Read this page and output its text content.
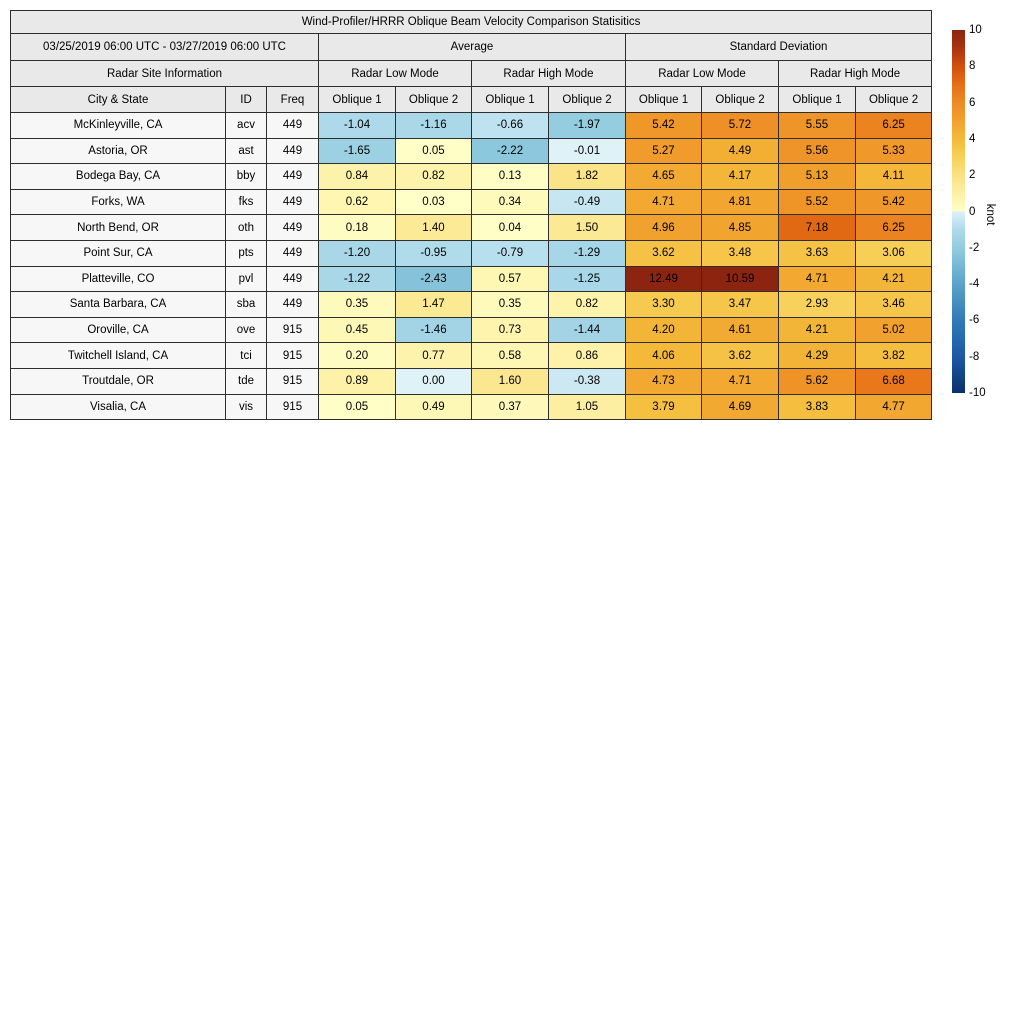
Wind-Profiler/HRRR Oblique Beam Velocity Comparison Statisitics										
03/25/2019 06:00 UTC - 03/27/2019 06:00 UTC			Average				Standard Deviation			
Radar Site Information			Radar Low Mode		Radar High Mode		Radar Low Mode		Radar High Mode	
City & State	ID	Freq	Oblique 1	Oblique 2	Oblique 1	Oblique 2	Oblique 1	Oblique 2	Oblique 1	Oblique 2
McKinleyville, CA	acv	449	-1.04	-1.16	-0.66	-1.97	5.42	5.72	5.55	6.25
Astoria, OR	ast	449	-1.65	0.05	-2.22	-0.01	5.27	4.49	5.56	5.33
Bodega Bay, CA	bby	449	0.84	0.82	0.13	1.82	4.65	4.17	5.13	4.11
Forks, WA	fks	449	0.62	0.03	0.34	-0.49	4.71	4.81	5.52	5.42
North Bend, OR	oth	449	0.18	1.40	0.04	1.50	4.96	4.85	7.18	6.25
Point Sur, CA	pts	449	-1.20	-0.95	-0.79	-1.29	3.62	3.48	3.63	3.06
Platteville, CO	pvl	449	-1.22	-2.43	0.57	-1.25	12.49	10.59	4.71	4.21
Santa Barbara, CA	sba	449	0.35	1.47	0.35	0.82	3.30	3.47	2.93	3.46
Oroville, CA	ove	915	0.45	-1.46	0.73	-1.44	4.20	4.61	4.21	5.02
Twitchell Island, CA	tci	915	0.20	0.77	0.58	0.86	4.06	3.62	4.29	3.82
Troutdale, OR	tde	915	0.89	0.00	1.60	-0.38	4.73	4.71	5.62	6.68
Visalia, CA	vis	915	0.05	0.49	0.37	1.05	3.79	4.69	3.83	4.77
10
8
6
4
2
0
-2
-4
-6
-8
-10
knot
